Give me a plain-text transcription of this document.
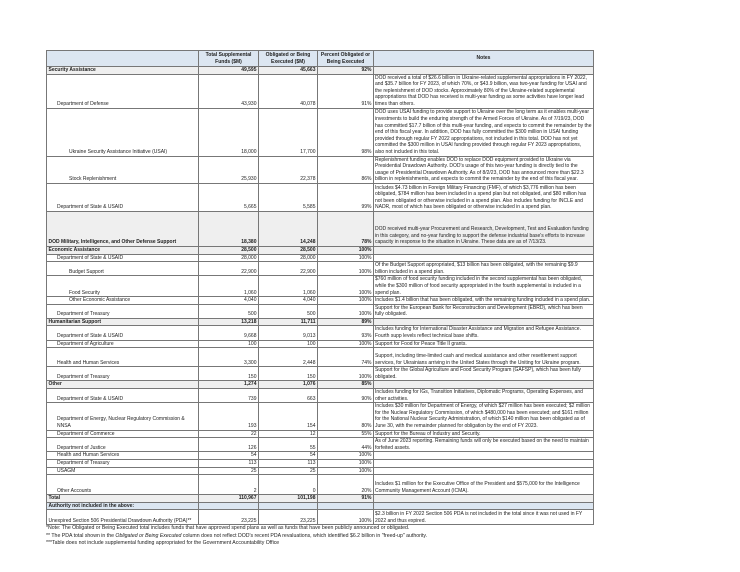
	Total Supplemental Funds ($M)	Obligated or Being Executed ($M)	Percent Obligated or Being Executed	Notes
Security Assistance	49,595	45,663	92%	
Department of Defense	43,930	40,078	91%	DOD received a total of $26.6 billion in Ukraine-related supplemental appropriations in FY 2022, and $35.7 billion for FY 2023, of which 70%, or $43.9 billion, was two-year funding for USAI and the replenishment of DOD stocks. Approximately 80% of the Ukraine-related supplemental appropriations that DOD has received is multi-year funding as some activities have longer lead times than others.
Ukraine Security Assistance Initiative (USAI)	18,000	17,700	98%	DOD uses USAI funding to provide support to Ukraine over the long term as it enables multi-year investments to build the enduring strength of the Armed Forces of Ukraine. As of 7/19/23, DOD has committed $17.7 billion of this multi-year funding, and expects to commit the remainder by the end of this fiscal year. In addition, DOD has fully committed the $300 million in USAI funding provided through regular FY 2022 appropriations, not included in this total. DOD has not yet committed the $300 million in USAI funding provided through regular FY 2023 appropriations, also not included in this total.
Stock Replenishment	25,930	22,378	86%	Replenishment funding enables DOD to replace DOD equipment provided to Ukraine via Presidential Drawdown Authority. DOD's usage of this two-year funding is directly tied to the usage of Presidential Drawdown Authority. As of 8/2/23, DOD has announced more than $22.3 billion in replenishments, and expects to commit the remainder by the end of this fiscal year.
Department of State & USAID	5,665	5,585	99%	Includes $4.73 billion in Foreign Military Financing (FMF), of which $3,776 million has been obligated, $784 million has been included in a spend plan but not obligated, and $80 million has not been obligated or otherwise included in a spend plan. Also includes funding for INCLE and NADR, most of which has been obligated or otherwise included in a spend plan.
DOD Military, Intelligence, and Other Defense Support	18,380	14,248	78%	DOD received multi-year Procurement and Research, Development, Test and Evaluation funding in this category, and no-year funding to support the defense industrial base's efforts to increase capacity in response to the situation in Ukraine. These data are as of 7/13/23.
Economic Assistance	28,500	28,500	100%	
Department of State & USAID	28,000	28,000	100%	
Budget Support	22,900	22,900	100%	Of the Budget Support appropriated, $13 billion has been obligated, with the remaining $9.9 billion included in a spend plan.
Food Security	1,060	1,060	100%	$760 million of food security funding included in the second supplemental has been obligated, while the $300 million of food security appropriated in the fourth supplemental is included in a spend plan.
Other Economic Assistance	4,040	4,040	100%	Includes $1.4 billion that has been obligated, with the remaining funding included in a spend plan.
Department of Treasury	500	500	100%	Support for the European Bank for Reconstruction and Development (EBRD), which has been fully obligated.
Humanitarian Support	13,218	11,711	89%	
Department of State & USAID	9,668	9,013	93%	Includes funding for International Disaster Assistance and Migration and Refugee Assistance. Fourth supp levels reflect technical base shifts.
Department of Agriculture	100	100	100%	Support for Food for Peace Title II grants.
Health and Human Services	3,300	2,448	74%	Support, including time-limited cash and medical assistance and other resettlement support services, for Ukrainians arriving in the United States through the Uniting for Ukraine program.
Department of Treasury	150	150	100%	Support for the Global Agriculture and Food Security Program (GAFSP), which has been fully obligated.
Other	1,274	1,076	85%	
Department of State & USAID	739	663	90%	Includes funding for IGs, Transition Initiatives, Diplomatic Programs, Operating Expenses, and other activities.
Department of Energy, Nuclear Regulatory Commission & NNSA	193	154	80%	Includes $30 million for Department of Energy, of which $27 million has been executed; $2 million for the Nuclear Regulatory Commission, of which $480,000 has been executed; and $161 million for the National Nuclear Security Administration, of which $140 million has been obligated as of June 30, with the remainder planned for obligation by the end of FY 2023.
Department of Commerce	22	12	55%	Support for the Bureau of Industry and Security.
Department of Justice	126	55	44%	As of June 2023 reporting. Remaining funds will only be executed based on the need to maintain forfeited assets.
Health and Human Services	54	54	100%	
Department of Treasury	113	113	100%	
USAGM	25	25	100%	
Other Accounts	2	0	20%	Includes $1 million for the Executive Office of the President and $575,000 for the Intelligence Community Management Account (ICMA).
Total	110,967	101,198	91%	
Authority not included in the above:				
Unexpired Section 506 Presidential Drawdown Authority (PDA)**	23,225	23,225	100%	$2.3 billion in FY 2022 Section 506 PDA is not included in the total since it was not used in FY 2022 and thus expired.
*Note: The Obligated or Being Executed total includes funds that have approved spend plans as well as funds that have been publicly announced or obligated.
** The PDA total shown in the Obligated or Being Executed column does not reflect DOD's recent PDA revaluations, which identified $6.2 billion in "freed-up" authority.
***Table does not include supplemental funding appropriated for the Government Accountability Office
